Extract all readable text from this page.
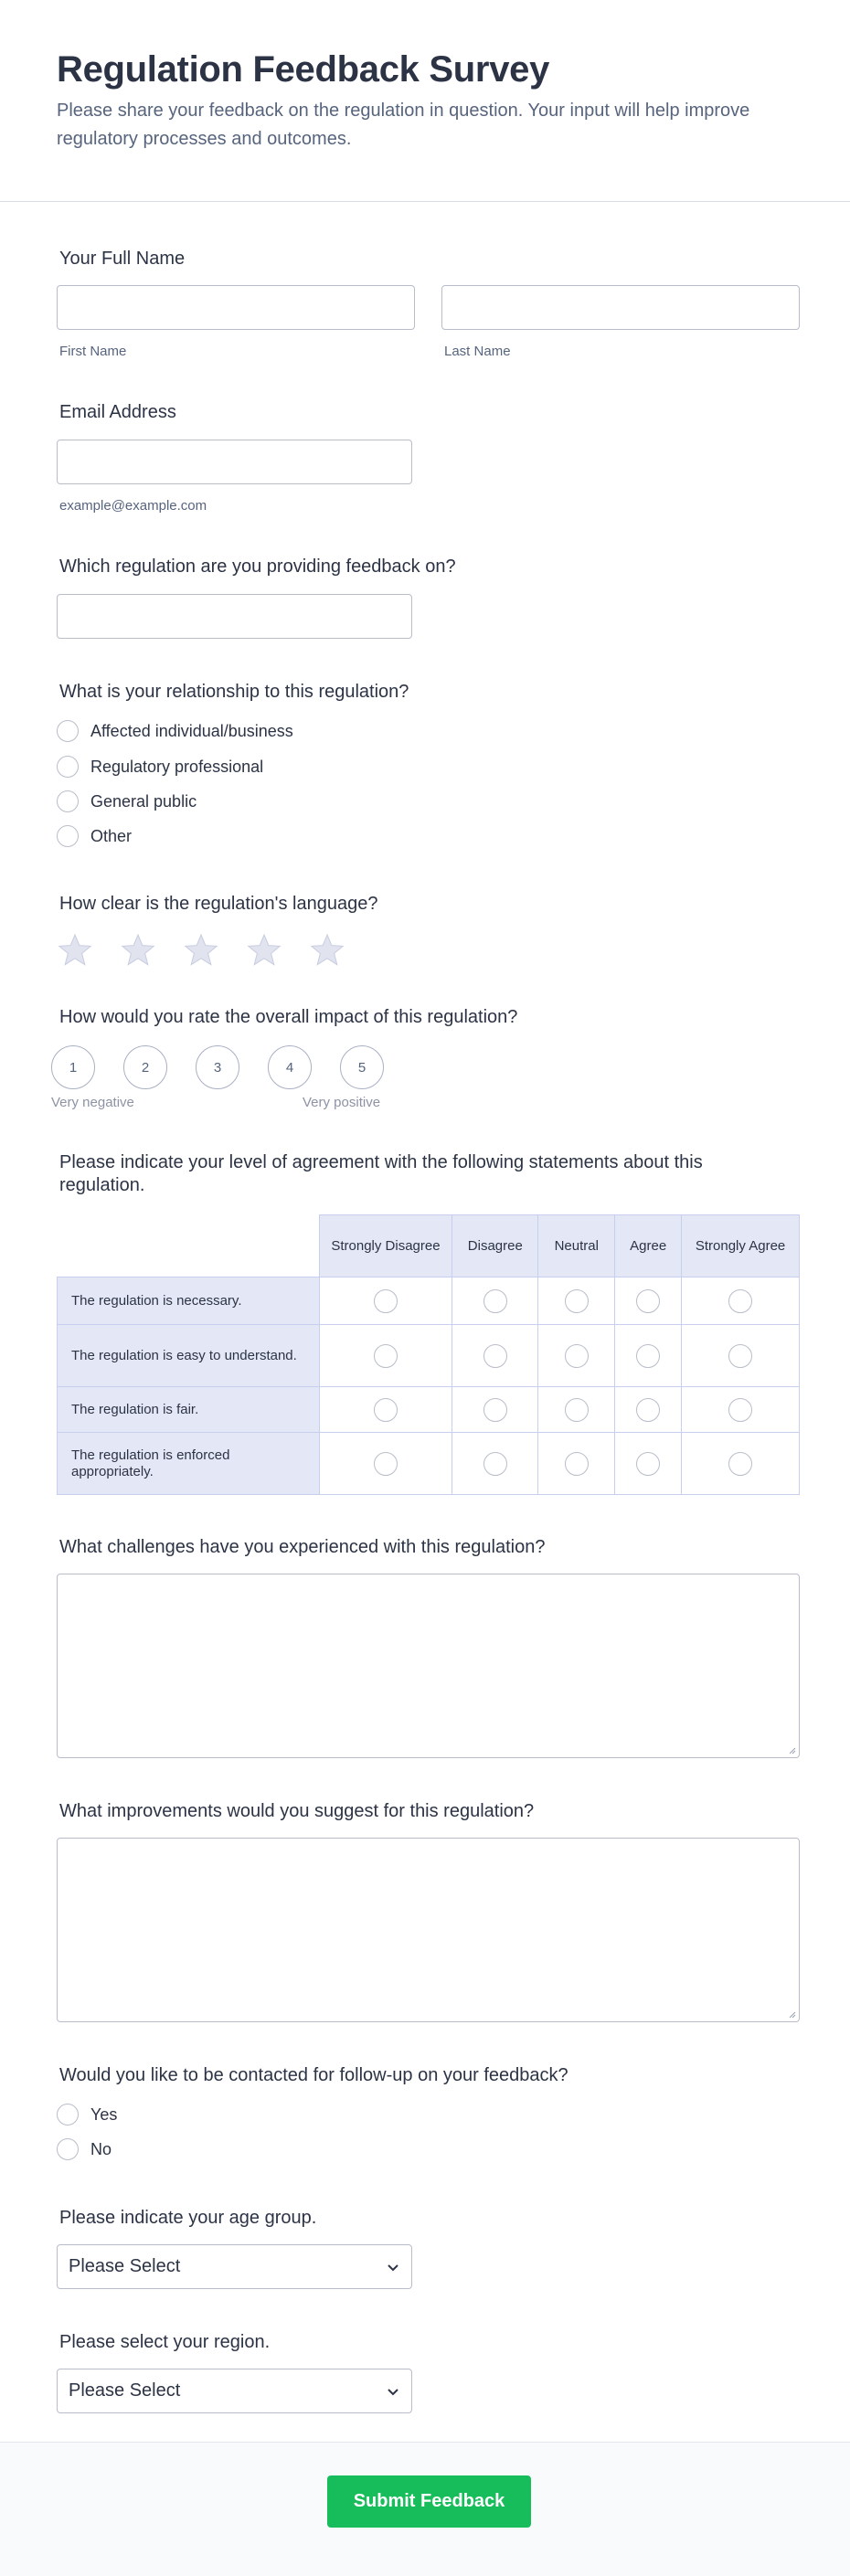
Regulation Feedback Survey

Please share your feedback on the regulation in question. Your input will help improve regulatory processes and outcomes.

Your Full Name
First Name	Last Name
Email Address
example@example.com
Which regulation are you providing feedback on?
What is your relationship to this regulation?
Affected individual/business
Regulatory professional
General public
Other
How clear is the regulation's language?
How would you rate the overall impact of this regulation?
1	2	3	4	5
Very negative	Very positive
Please indicate your level of agreement with the following statements about this regulation.
	Strongly Disagree	Disagree	Neutral	Agree	Strongly Agree
The regulation is necessary.					
The regulation is easy to understand.					
The regulation is fair.					
The regulation is enforced appropriately.					
What challenges have you experienced with this regulation?
What improvements would you suggest for this regulation?
Would you like to be contacted for follow-up on your feedback?
Yes
No
Please indicate your age group.
Please Select
Please select your region.
Please Select
Submit Feedback
